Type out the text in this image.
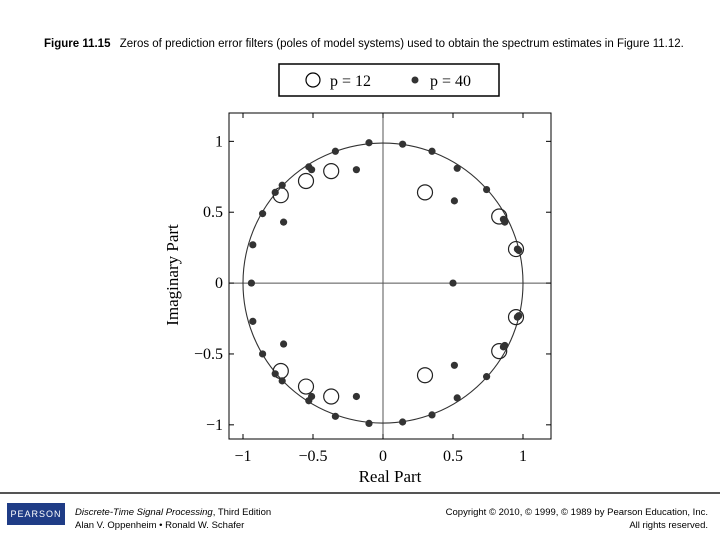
Figure 11.15 Zeros of prediction error filters (poles of model systems) used to obtain the spectrum estimates in Figure 11.12.
p = 12	p = 40
−1	−0.5	0	0.5	1
−1
−0.5
0
0.5
1
Real Part
Imaginary Part
PEARSON Discrete-Time Signal Processing, Third Edition
Alan V. Oppenheim • Ronald W. Schafer
Copyright © 2010, © 1999, © 1989 by Pearson Education, Inc.
All rights reserved.
